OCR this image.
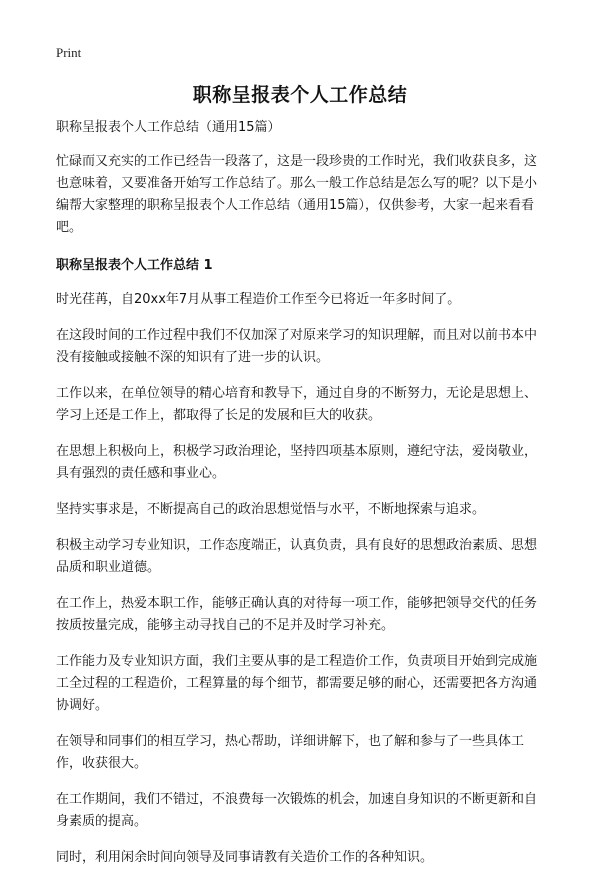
Print
职称呈报表个人工作总结

职称呈报表个人工作总结（通用15篇）

忙碌而又充实的工作已经告一段落了，这是一段珍贵的工作时光，我们收获良多，这也意味着，又要准备开始写工作总结了。那么一般工作总结是怎么写的呢？以下是小编帮大家整理的职称呈报表个人工作总结（通用15篇），仅供参考，大家一起来看看吧。

职称呈报表个人工作总结 1

时光荏苒，自20xx年7月从事工程造价工作至今已将近一年多时间了。

在这段时间的工作过程中我们不仅加深了对原来学习的知识理解，而且对以前书本中没有接触或接触不深的知识有了进一步的认识。

工作以来，在单位领导的精心培育和教导下，通过自身的不断努力，无论是思想上、学习上还是工作上，都取得了长足的发展和巨大的收获。

在思想上积极向上，积极学习政治理论，坚持四项基本原则，遵纪守法，爱岗敬业，具有强烈的责任感和事业心。

坚持实事求是，不断提高自己的政治思想觉悟与水平，不断地探索与追求。

积极主动学习专业知识，工作态度端正，认真负责，具有良好的思想政治素质、思想品质和职业道德。

在工作上，热爱本职工作，能够正确认真的对待每一项工作，能够把领导交代的任务按质按量完成，能够主动寻找自己的不足并及时学习补充。

工作能力及专业知识方面，我们主要从事的是工程造价工作，负责项目开始到完成施工全过程的工程造价，工程算量的每个细节，都需要足够的耐心，还需要把各方沟通协调好。

在领导和同事们的相互学习，热心帮助，详细讲解下，也了解和参与了一些具体工作，收获很大。

在工作期间，我们不错过，不浪费每一次锻炼的机会，加速自身知识的不断更新和自身素质的提高。

同时，利用闲余时间向领导及同事请教有关造价工作的各种知识。
